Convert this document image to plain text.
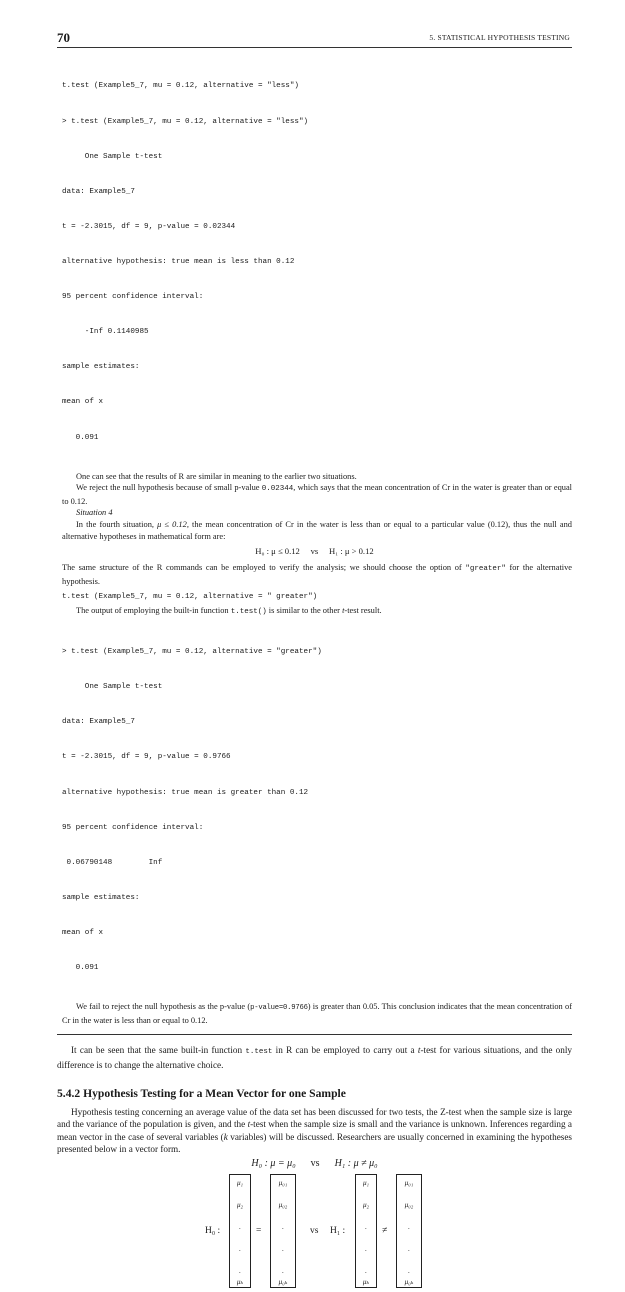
70	5. STATISTICAL HYPOTHESIS TESTING

t.test (Example5_7, mu = 0.12, alternative = "less")

> t.test (Example5_7, mu = 0.12, alternative = "less")

One Sample t-test

data: Example5_7

t = -2.3015, df = 9, p-value = 0.02344

alternative hypothesis: true mean is less than 0.12

95 percent confidence interval:

-Inf 0.1140985

sample estimates:

mean of x

0.091

One can see that the results of R are similar in meaning to the earlier two situations.
We reject the null hypothesis because of small p-value 0.02344, which says that the mean concentration of Cr in the water is greater than or equal to 0.12.
Situation 4
In the fourth situation, μ ≤ 0.12, the mean concentration of Cr in the water is less than or equal to a particular value (0.12), thus the null and alternative hypotheses in mathematical form are:
H₀ : μ ≤ 0.12 vs H₁ : μ > 0.12
The same structure of the R commands can be employed to verify the analysis; we should choose the option of "greater" for the alternative hypothesis.
t.test (Example5_7, mu = 0.12, alternative = " greater")
The output of employing the built-in function t.test() is similar to the other t-test result.

> t.test (Example5_7, mu = 0.12, alternative = "greater")

One Sample t-test

data: Example5_7

t = -2.3015, df = 9, p-value = 0.9766

alternative hypothesis: true mean is greater than 0.12

95 percent confidence interval:

0.06790148        Inf

sample estimates:

mean of x

0.091

We fail to reject the null hypothesis as the p-value (p-value=0.9766) is greater than 0.05. This conclusion indicates that the mean concentration of Cr in the water is less than or equal to 0.12.
It can be seen that the same built-in function t.test in R can be employed to carry out a t-test for various situations, and the only difference is to change the alternative choice.
5.4.2 Hypothesis Testing for a Mean Vector for one Sample
Hypothesis testing concerning an average value of the data set has been discussed for two tests, the Z-test when the sample size is large and the variance of the population is given, and the t-test when the sample size is small and the variance is unknown. Inferences regarding a mean vector in the case of several variables (k variables) will be discussed. Researchers are usually concerned in examining the hypotheses presented below in a vector form.
H₀ : μ = μ₀ vs H₁ : μ ≠ μ₀
H₀ :
μ₁
μ₂
.
.
.
μₖ
=
μ₀₁
μ₀₂
.
.
.
μ₀ₖ
vs H₁ :
μ₁
μ₂
.
.
.
μₖ
≠
μ₀₁
μ₀₂
.
.
.
μ₀ₖ
